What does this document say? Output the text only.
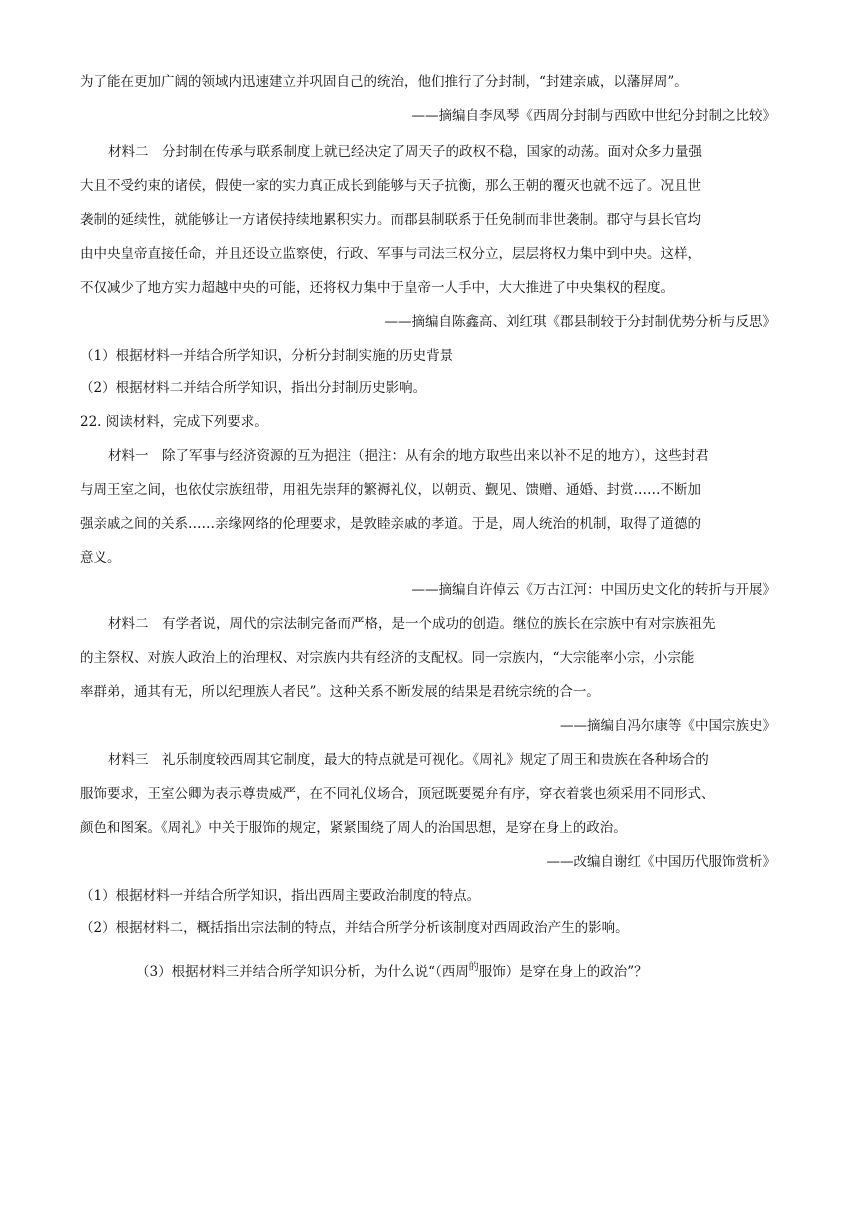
为了能在更加广阔的领域内迅速建立并巩固自己的统治，他们推行了分封制，“封建亲戚，以藩屏周”。
——摘编自李凤琴《西周分封制与西欧中世纪分封制之比较》
材料二　分封制在传承与联系制度上就已经决定了周天子的政权不稳，国家的动荡。面对众多力量强
大且不受约束的诸侯，假使一家的实力真正成长到能够与天子抗衡，那么王朝的覆灭也就不远了。况且世
袭制的延续性，就能够让一方诸侯持续地累积实力。而郡县制联系于任免制而非世袭制。郡守与县长官均
由中央皇帝直接任命，并且还设立监察使，行政、军事与司法三权分立，层层将权力集中到中央。这样，
不仅减少了地方实力超越中央的可能，还将权力集中于皇帝一人手中，大大推进了中央集权的程度。
——摘编自陈鑫高、刘红琪《郡县制较于分封制优势分析与反思》
（1）根据材料一并结合所学知识，分析分封制实施的历史背景
（2）根据材料二并结合所学知识，指出分封制历史影响。
22. 阅读材料，完成下列要求。
材料一　除了军事与经济资源的互为挹注（挹注：从有余的地方取些出来以补不足的地方），这些封君
与周王室之间，也依仗宗族纽带，用祖先崇拜的繁褥礼仪，以朝贡、觐见、馈赠、通婚、封赏……不断加
强亲戚之间的关系……亲缘网络的伦理要求，是敦睦亲戚的孝道。于是，周人统治的机制，取得了道德的
意义。
——摘编自许倬云《万古江河：中国历史文化的转折与开展》
材料二　有学者说，周代的宗法制完备而严格，是一个成功的创造。继位的族长在宗族中有对宗族祖先
的主祭权、对族人政治上的治理权、对宗族内共有经济的支配权。同一宗族内，“大宗能率小宗，小宗能
率群弟，通其有无，所以纪理族人者民”。这种关系不断发展的结果是君统宗统的合一。
——摘编自冯尔康等《中国宗族史》
材料三　礼乐制度较西周其它制度，最大的特点就是可视化。《周礼》规定了周王和贵族在各种场合的
服饰要求，王室公卿为表示尊贵威严，在不同礼仪场合，顶冠既要冕弁有序，穿衣着裳也须采用不同形式、
颜色和图案。《周礼》中关于服饰的规定，紧紧围绕了周人的治国思想，是穿在身上的政治。
——改编自谢红《中国历代服饰赏析》
（1）根据材料一并结合所学知识，指出西周主要政治制度的特点。
（2）根据材料二，概括指出宗法制的特点，并结合所学分析该制度对西周政治产生的影响。
（3）根据材料三并结合所学知识分析，为什么说“（西周$^的$服饰）是穿在身上的政治”？
